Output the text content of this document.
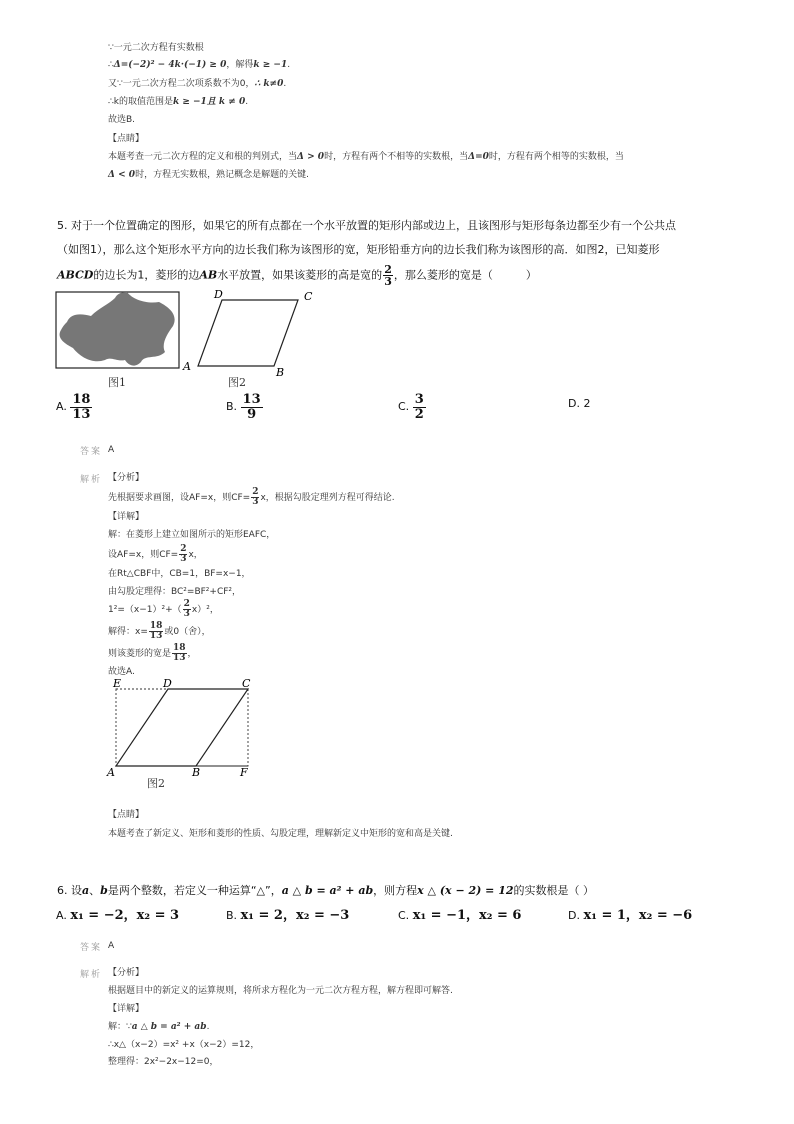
∵一元二次方程有实数根
∴Δ=(−2)² − 4k·(−1) ≥ 0，解得k ≥ −1.
又∵一元二次方程二次项系数不为0，∴ k≠0.
∴k的取值范围是k ≥ −1且 k ≠ 0.
故选B.
【点睛】
本题考查一元二次方程的定义和根的判别式，当Δ > 0时，方程有两个不相等的实数根，当Δ=0时，方程有两个相等的实数根，当
Δ < 0时，方程无实数根，熟记概念是解题的关键.
5. 对于一个位置确定的图形，如果它的所有点都在一个水平放置的矩形内部或边上，且该图形与矩形每条边都至少有一个公共点
（如图1），那么这个矩形水平方向的边长我们称为该图形的宽，矩形铅垂方向的边长我们称为该图形的高．如图2，已知菱形
ABCD的边长为1，菱形的边AB水平放置，如果该菱形的高是宽的 $\frac{2}{3}$ ，那么菱形的宽是（　　　）
图1
D	C
A	B
图2
A. $\frac{18}{13}$	B. $\frac{13}{9}$	C. $\frac{3}{2}$	D. 2
答案 A
解析 【分析】
先根据要求画图，设AF=x，则$CF= \frac{2}{3}$ x，根据勾股定理列方程可得结论.
【详解】
解：在菱形上建立如图所示的矩形EAFC，
设AF=x，则$CF= \frac{2}{3}$ x，
在Rt△CBF中，CB=1，BF=x−1，
由勾股定理得：BC²=BF²+CF²，
$1^2=(x-1)^2+( \frac{2}{3} x)^2$，
解得：$x= \frac{18}{13}$ 或0（舍），
则该菱形的宽是 $\frac{18}{13}$ ，
故选A.
E	D	C
A	B	F
图2
【点睛】
本题考查了新定义、矩形和菱形的性质、勾股定理，理解新定义中矩形的宽和高是关键.
6. 设a、b是两个整数，若定义一种运算“△”，a △ b = a² + ab，则方程x △ (x − 2) = 12的实数根是（ ）
A. x₁ = −2，x₂ = 3	B. x₁ = 2，x₂ = −3	C. x₁ = −1，x₂ = 6	D. x₁ = 1，x₂ = −6
答案 A
解析 【分析】
根据题目中的新定义的运算规则，将所求方程化为一元二次方程方程，解方程即可解答.
【详解】
解：∵a △ b = a² + ab.
∴x△（x−2）=x² +x（x−2）=12，
整理得：2x²−2x−12=0，
